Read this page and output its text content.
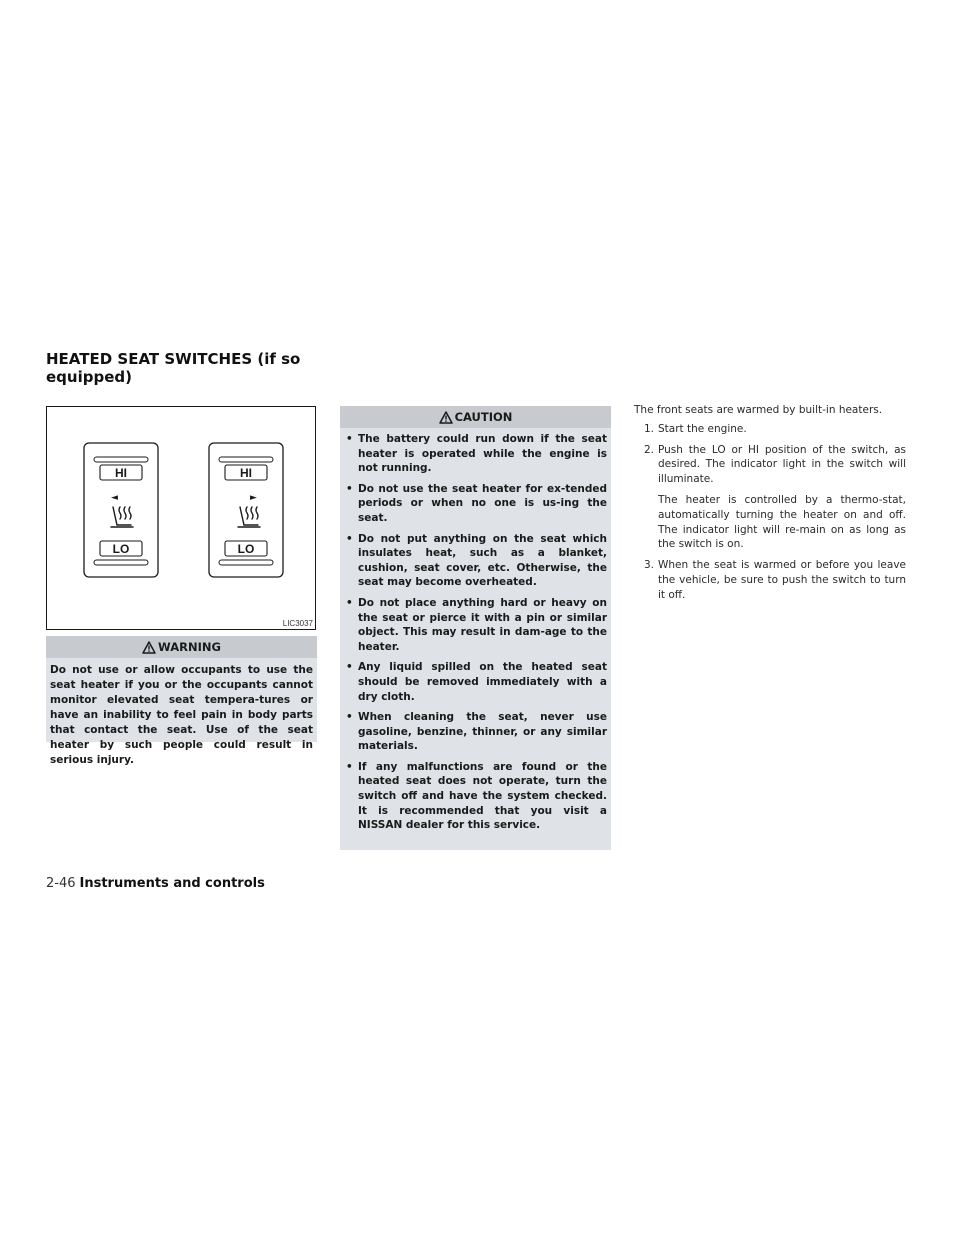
HEATED SEAT SWITCHES (if so equipped)
HI
◄
LO
HI
►
LO
LIC3037
WARNING
Do not use or allow occupants to use the seat heater if you or the occupants cannot monitor elevated seat tempera-tures or have an inability to feel pain in body parts that contact the seat. Use of the seat heater by such people could result in serious injury.
CAUTION
• The battery could run down if the seat heater is operated while the engine is not running.
• Do not use the seat heater for ex-tended periods or when no one is us-ing the seat.
• Do not put anything on the seat which insulates heat, such as a blanket, cushion, seat cover, etc. Otherwise, the seat may become overheated.
• Do not place anything hard or heavy on the seat or pierce it with a pin or similar object. This may result in dam-age to the heater.
• Any liquid spilled on the heated seat should be removed immediately with a dry cloth.
• When cleaning the seat, never use gasoline, benzine, thinner, or any similar materials.
• If any malfunctions are found or the heated seat does not operate, turn the switch off and have the system checked. It is recommended that you visit a NISSAN dealer for this service.

The front seats are warmed by built-in heaters.

1. Start the engine.
2. Push the LO or HI position of the switch, as desired. The indicator light in the switch will illuminate.
The heater is controlled by a thermo-stat, automatically turning the heater on and off. The indicator light will re-main on as long as the switch is on.
3. When the seat is warmed or before you leave the vehicle, be sure to push the switch to turn it off.
2-46 Instruments and controls
